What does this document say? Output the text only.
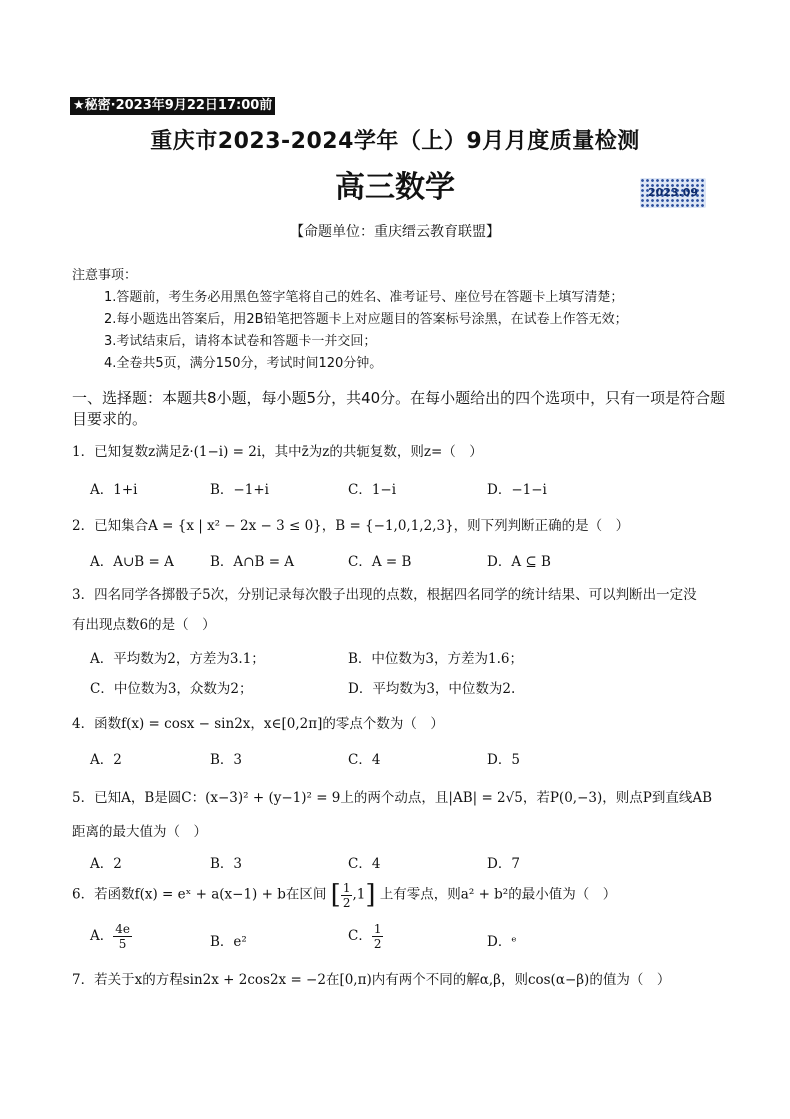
★秘密·2023年9月22日17:00前
重庆市2023-2024学年（上）9月月度质量检测
高三数学	2023.09
【命题单位：重庆缙云教育联盟】
注意事项：
1.答题前，考生务必用黑色签字笔将自己的姓名、准考证号、座位号在答题卡上填写清楚；
2.每小题选出答案后，用2B铅笔把答题卡上对应题目的答案标号涂黑，在试卷上作答无效；
3.考试结束后，请将本试卷和答题卡一并交回；
4.全卷共5页，满分150分，考试时间120分钟。
一、选择题：本题共8小题，每小题5分，共40分。在每小题给出的四个选项中，只有一项是符合题目要求的。
1．已知复数z满足z̄·(1−i) = 2i，其中z̄为z的共轭复数，则z=（　）
A．1+i	B．−1+i	C．1−i	D．−1−i
2．已知集合A = {x | x² − 2x − 3 ≤ 0}，B = {−1,0,1,2,3}，则下列判断正确的是（　）
A．A∪B = A	B．A∩B = A	C．A = B	D．A ⊆ B
3．四名同学各掷骰子5次，分别记录每次骰子出现的点数，根据四名同学的统计结果、可以判断出一定没
有出现点数6的是（　）
A．平均数为2，方差为3.1；	B．中位数为3，方差为1.6；
C．中位数为3，众数为2；	D．平均数为3，中位数为2.
4．函数f(x) = cosx − sin2x，x∈[0,2π]的零点个数为（　）
A．2	B．3	C．4	D．5
5．已知A，B是圆C：(x−3)² + (y−1)² = 9上的两个动点，且|AB| = 2√5，若P(0,−3)，则点P到直线AB
距离的最大值为（　）
A．2	B．3	C．4	D．7
6．若函数f(x) = eˣ + a(x−1) + b在区间 [ $\frac{1}{2} ,1$] 上有零点，则a² + b²的最小值为（　）
A． $\frac{4e}{5}$	B．e²	C． $\frac{1}{2}$	D．ᵉ
7．若关于x的方程sin2x + 2cos2x = −2在[0,π)内有两个不同的解α,β，则cos(α−β)的值为（　）
